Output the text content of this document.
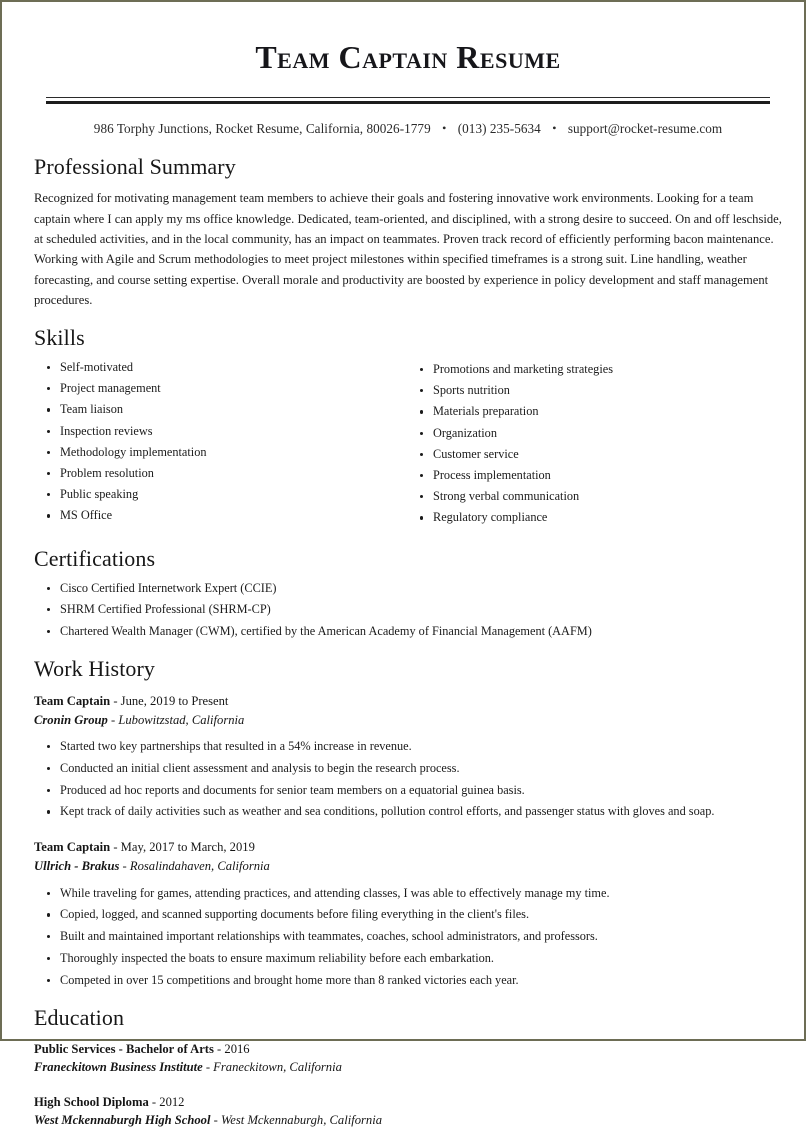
Team Captain Resume
986 Torphy Junctions, Rocket Resume, California, 80026-1779 • (013) 235-5634 • support@rocket-resume.com
Professional Summary
Recognized for motivating management team members to achieve their goals and fostering innovative work environments. Looking for a team captain where I can apply my ms office knowledge. Dedicated, team-oriented, and disciplined, with a strong desire to succeed. On and off leschside, at scheduled activities, and in the local community, has an impact on teammates. Proven track record of efficiently performing bacon maintenance. Working with Agile and Scrum methodologies to meet project milestones within specified timeframes is a strong suit. Line handling, weather forecasting, and course setting expertise. Overall morale and productivity are boosted by experience in policy development and staff management procedures.
Skills
Self-motivated
Project management
Team liaison
Inspection reviews
Methodology implementation
Problem resolution
Public speaking
MS Office
Promotions and marketing strategies
Sports nutrition
Materials preparation
Organization
Customer service
Process implementation
Strong verbal communication
Regulatory compliance
Certifications
Cisco Certified Internetwork Expert (CCIE)
SHRM Certified Professional (SHRM-CP)
Chartered Wealth Manager (CWM), certified by the American Academy of Financial Management (AAFM)
Work History
Team Captain - June, 2019 to Present
Cronin Group - Lubowitzstad, California
Started two key partnerships that resulted in a 54% increase in revenue.
Conducted an initial client assessment and analysis to begin the research process.
Produced ad hoc reports and documents for senior team members on a equatorial guinea basis.
Kept track of daily activities such as weather and sea conditions, pollution control efforts, and passenger status with gloves and soap.
Team Captain - May, 2017 to March, 2019
Ullrich - Brakus - Rosalindahaven, California
While traveling for games, attending practices, and attending classes, I was able to effectively manage my time.
Copied, logged, and scanned supporting documents before filing everything in the client's files.
Built and maintained important relationships with teammates, coaches, school administrators, and professors.
Thoroughly inspected the boats to ensure maximum reliability before each embarkation.
Competed in over 15 competitions and brought home more than 8 ranked victories each year.
Education
Public Services - Bachelor of Arts - 2016
Franeckitown Business Institute - Franeckitown, California
High School Diploma - 2012
West Mckennaburgh High School - West Mckennaburgh, California
